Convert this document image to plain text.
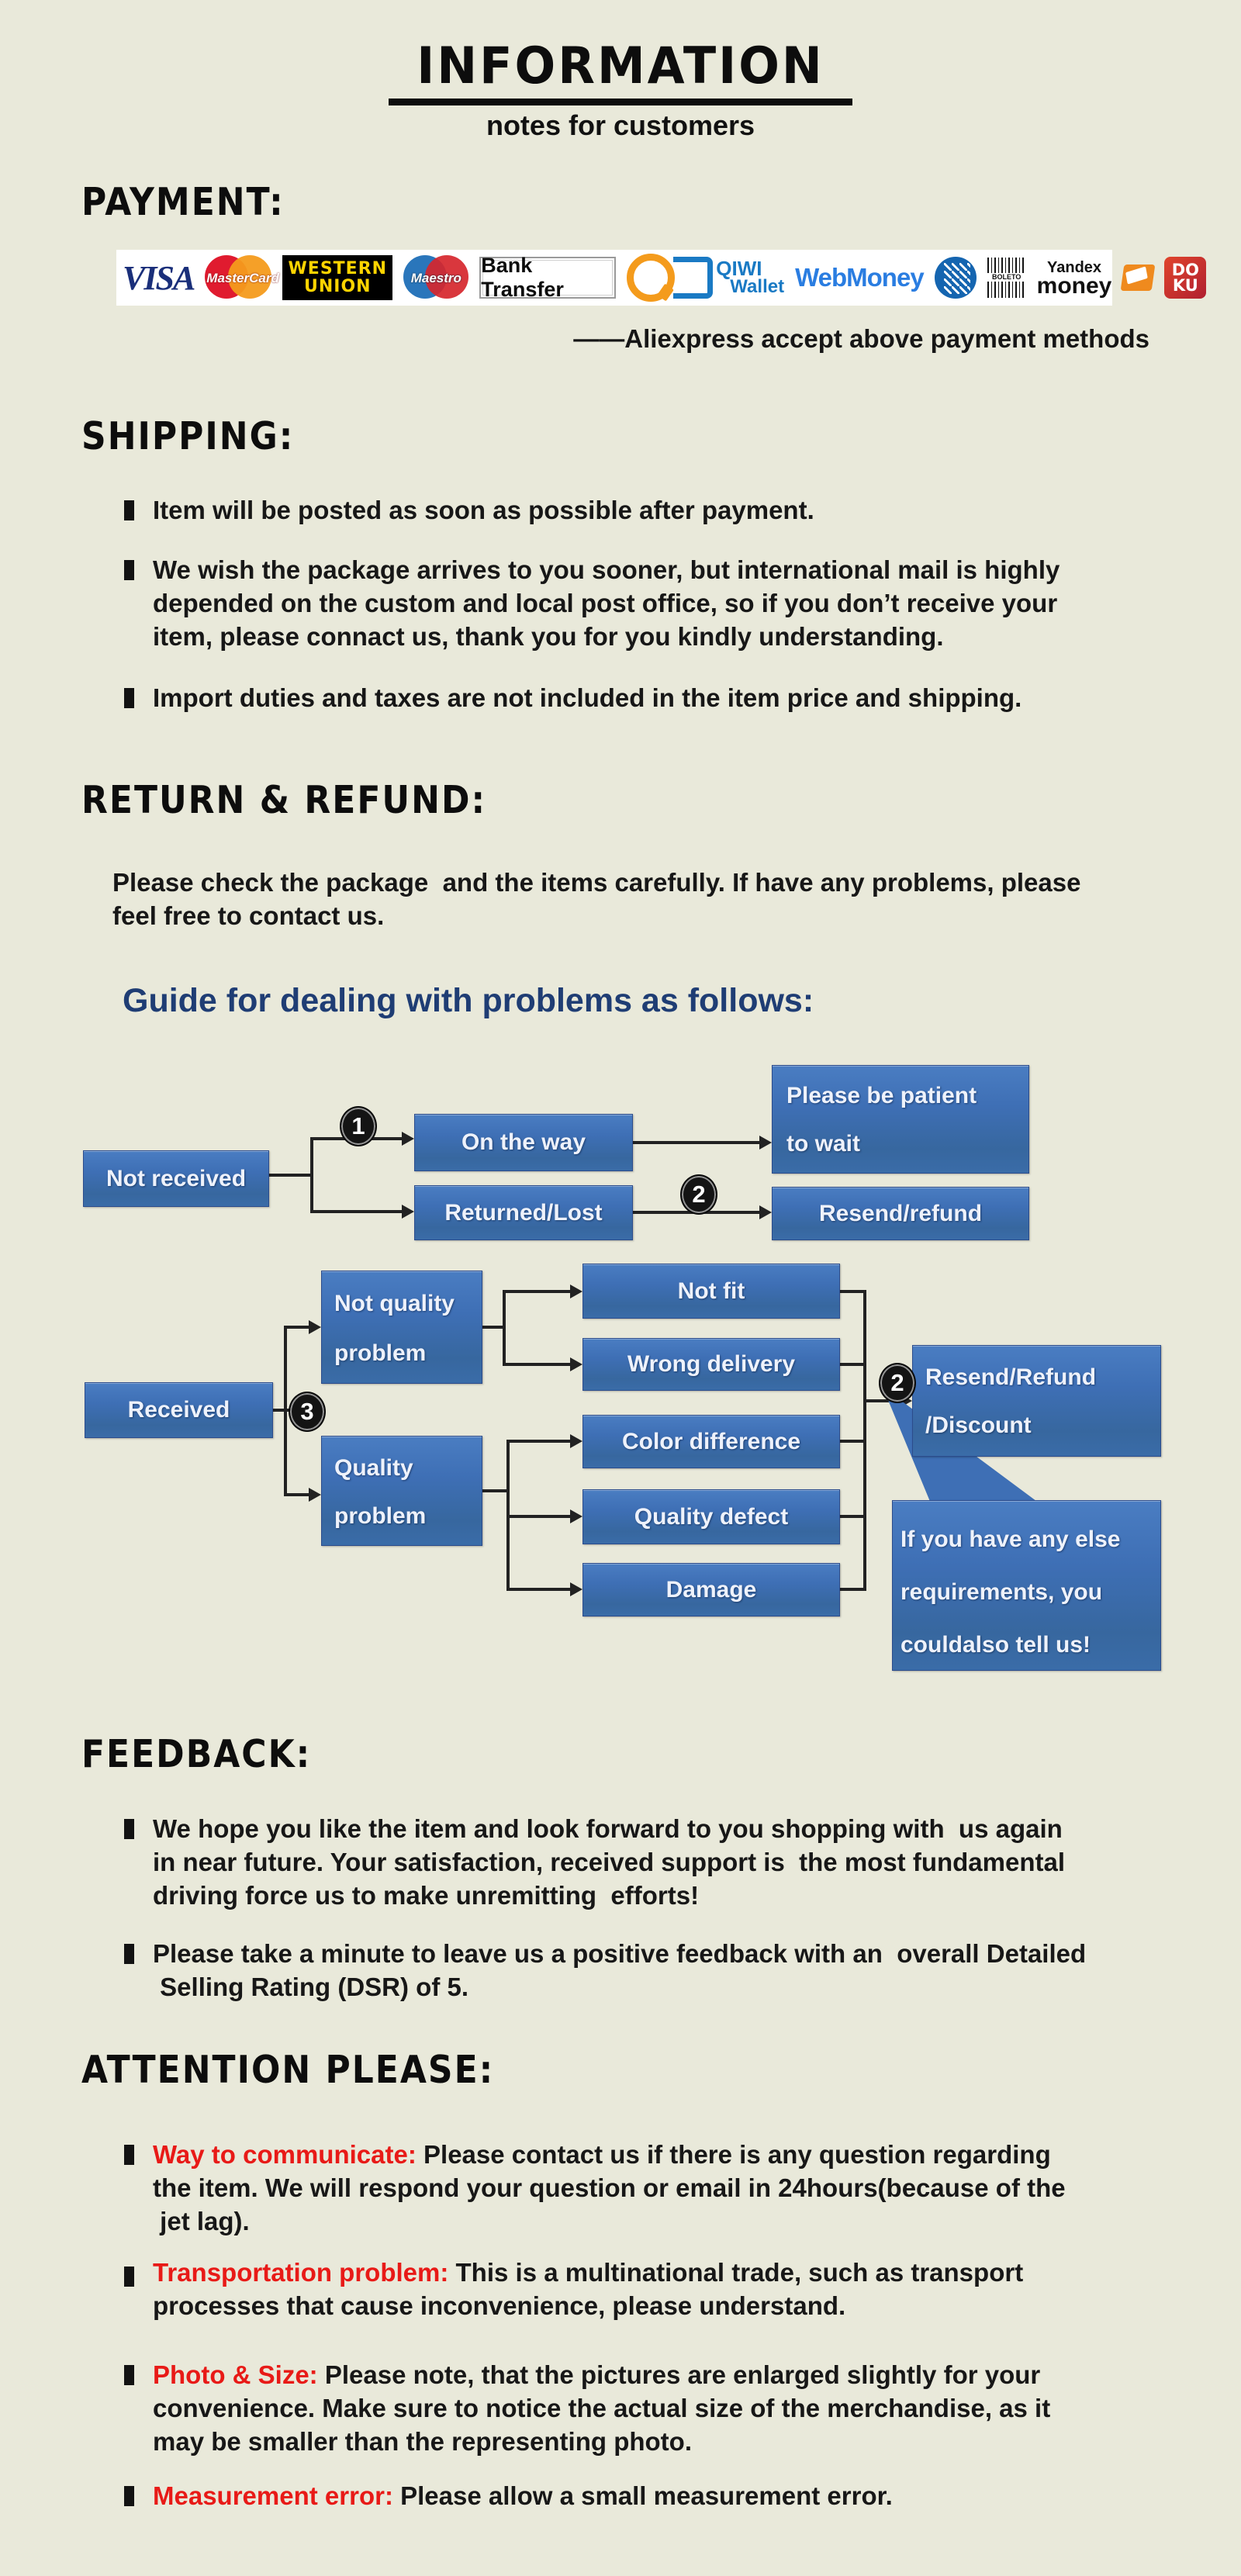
INFORMATION
notes for customers
PAYMENT:
VISA MasterCard WESTERN
UNION	Maestro
Bank Transfer
QIWI
Wallet WebMoney	BOLETO
Yandex
money
DO
KU
——Aliexpress accept above payment methods
SHIPPING:
Item will be posted as soon as possible after payment.
We wish the package arrives to you sooner, but international mail is highly
depended on the custom and local post office, so if you don’t receive your
item, please connact us, thank you for you kindly understanding.
Import duties and taxes are not included in the item price and shipping.
RETURN & REFUND:
Please check the package  and the items carefully. If have any problems, please
feel free to contact us.
Guide for dealing with problems as follows:
Not received
On the way
Returned/Lost
Please be patient
to wait
Resend/refund
Received
Not quality
problem
Quality
problem
Not fit
Wrong delivery
Color difference
Quality defect
Damage
Resend/Refund
/Discount
If you have any else
requirements, you
couldalso tell us!
1
2
3
2
FEEDBACK:
We hope you like the item and look forward to you shopping with  us again
in near future. Your satisfaction, received support is  the most fundamental
driving force us to make unremitting  efforts!
Please take a minute to leave us a positive feedback with an  overall Detailed
Selling Rating (DSR) of 5.
ATTENTION PLEASE:
Way to communicate: Please contact us if there is any question regarding
the item. We will respond your question or email in 24hours(because of the
jet lag).
Transportation problem: This is a multinational trade, such as transport
processes that cause inconvenience, please understand.
Photo & Size: Please note, that the pictures are enlarged slightly for your
convenience. Make sure to notice the actual size of the merchandise, as it
may be smaller than the representing photo.
Measurement error: Please allow a small measurement error.
